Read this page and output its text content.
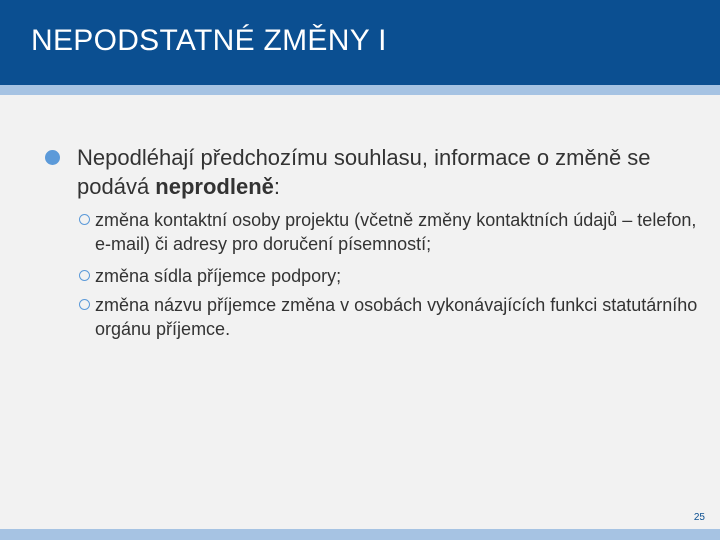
NEPODSTATNÉ ZMĚNY I
Nepodléhají předchozímu souhlasu, informace o změně se podává neprodleně:
změna kontaktní osoby projektu (včetně změny kontaktních údajů – telefon, e-mail) či adresy pro doručení písemností;
změna sídla příjemce podpory;
změna názvu příjemce změna v osobách vykonávajících funkci statutárního orgánu příjemce.
25
